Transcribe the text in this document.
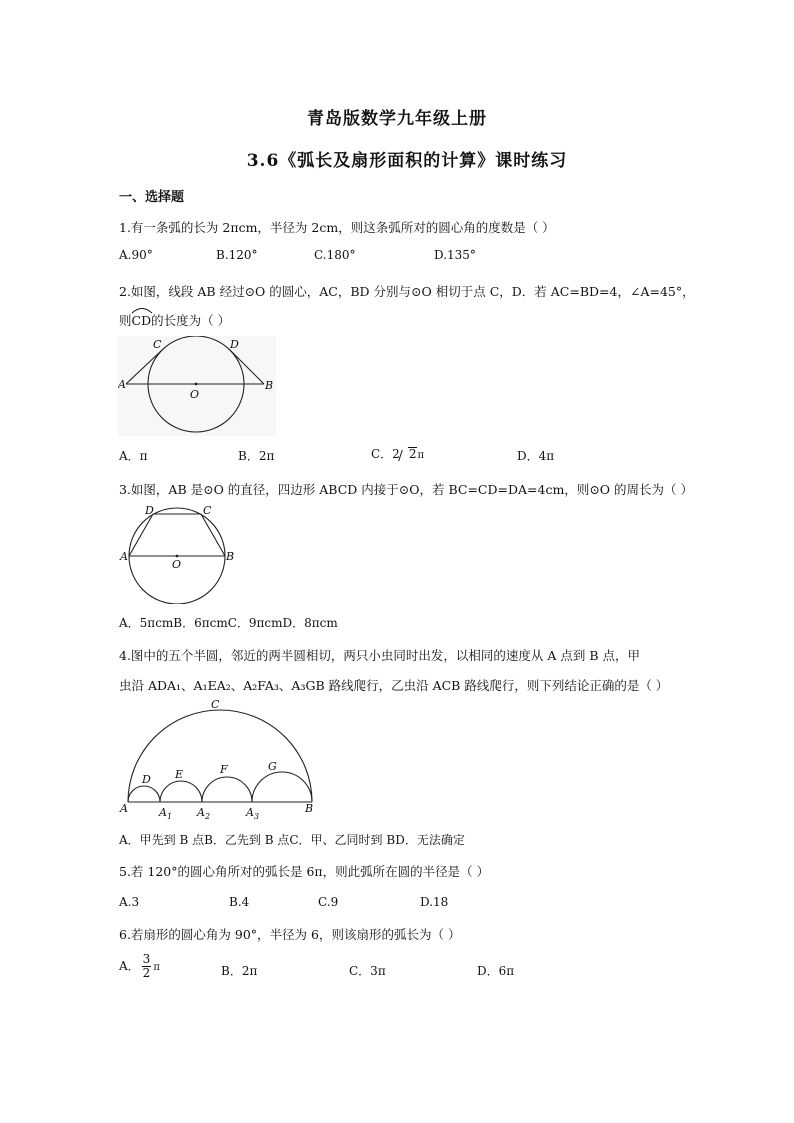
青岛版数学九年级上册
3.6《弧长及扇形面积的计算》课时练习
一、选择题
1.有一条弧的长为 2πcm，半径为 2cm，则这条弧所对的圆心角的度数是（ ）
A.90°	B.120°	C.180°	D.135°
2.如图，线段 AB 经过⊙O 的圆心，AC，BD 分别与⊙O 相切于点 C，D．若 AC=BD=4，∠A=45°，
则
CD的长度为（ ）
A	B
C	D
O
A．π	B．2π	C．2 2π	D．4π
3.如图，AB 是⊙O 的直径，四边形 ABCD 内接于⊙O，若 BC=CD=DA=4cm，则⊙O 的周长为（ ）
A	B
C
D
O
A．5πcmB．6πcmC．9πcmD．8πcm
4.图中的五个半圆，邻近的两半圆相切，两只小虫同时出发，以相同的速度从 A 点到 B 点，甲
虫沿 ADA₁、A₁EA₂、A₂FA₃、A₃GB 路线爬行，乙虫沿 ACB 路线爬行，则下列结论正确的是（ ）
A	B
C
D E	F	G
$A_1$ $A_2$	$A_3$
A．甲先到 B 点B．乙先到 B 点C．甲、乙同时到 BD．无法确定
5.若 120°的圆心角所对的弧长是 6π，则此弧所在圆的半径是（ ）
A.3	B.4	C.9	D.18
6.若扇形的圆心角为 90°，半径为 6，则该扇形的弧长为（ ）
A． $\frac{3}{2}$ π	B．2π	C．3π	D．6π
